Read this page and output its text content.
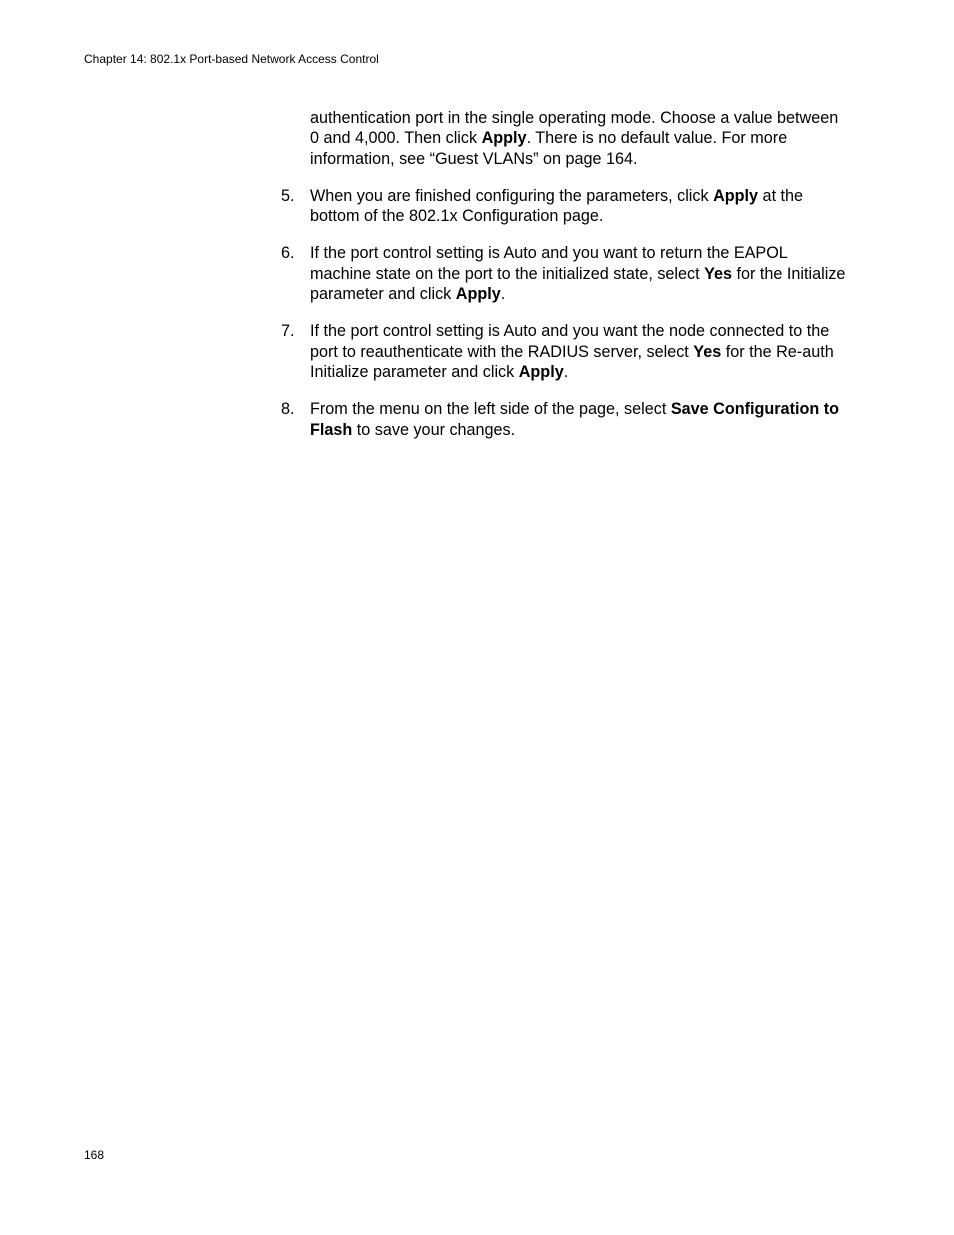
Chapter 14: 802.1x Port-based Network Access Control

authentication port in the single operating mode. Choose a value between 0 and 4,000. Then click Apply. There is no default value. For more information, see “Guest VLANs” on page 164.

5. When you are finished configuring the parameters, click Apply at the bottom of the 802.1x Configuration page.
6. If the port control setting is Auto and you want to return the EAPOL machine state on the port to the initialized state, select Yes for the Initialize parameter and click Apply.
7. If the port control setting is Auto and you want the node connected to the port to reauthenticate with the RADIUS server, select Yes for the Re-auth Initialize parameter and click Apply.
8. From the menu on the left side of the page, select Save Configuration to Flash to save your changes.
168
